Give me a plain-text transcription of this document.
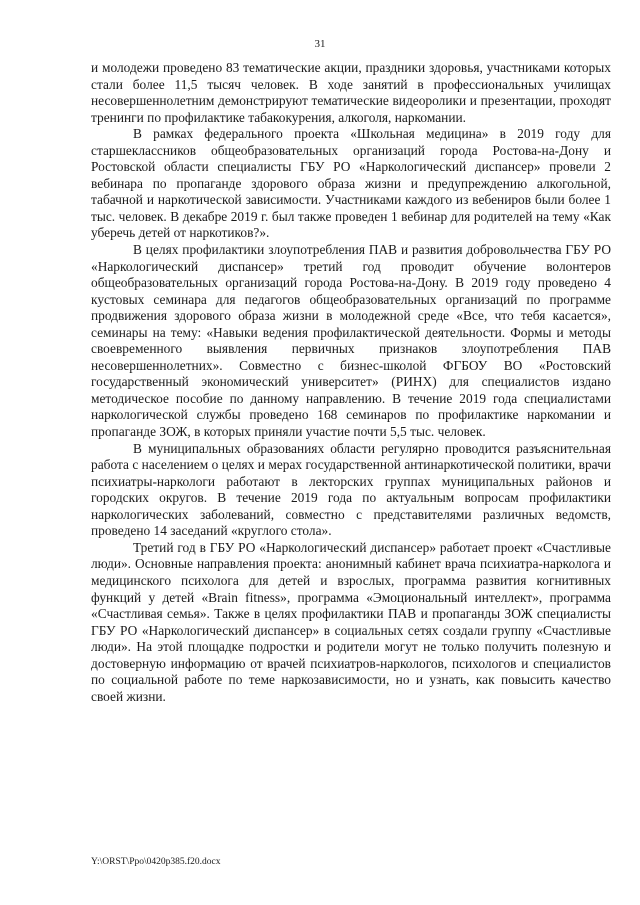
31

и молодежи проведено 83 тематические акции, праздники здоровья, участниками которых стали более 11,5 тысяч человек. В ходе занятий в профессиональных училищах несовершеннолетним демонстрируют тематические видеоролики и презентации, проходят тренинги по профилактике табакокурения, алкоголя, наркомании.

В рамках федерального проекта «Школьная медицина» в 2019 году для старшеклассников общеобразовательных организаций города Ростова-на-Дону и Ростовской области специалисты ГБУ РО «Наркологический диспансер» провели 2 вебинара по пропаганде здорового образа жизни и предупреждению алкогольной, табачной и наркотической зависимости. Участниками каждого из вебениров были более 1 тыс. человек. В декабре 2019 г. был также проведен 1 вебинар для родителей на тему «Как уберечь детей от наркотиков?».

В целях профилактики злоупотребления ПАВ и развития добровольчества ГБУ РО «Наркологический диспансер» третий год проводит обучение волонтеров общеобразовательных организаций города Ростова-на-Дону. В 2019 году проведено 4 кустовых семинара для педагогов общеобразовательных организаций по программе продвижения здорового образа жизни в молодежной среде «Все, что тебя касается», семинары на тему: «Навыки ведения профилактической деятельности. Формы и методы своевременного выявления первичных признаков злоупотребления ПАВ несовершеннолетних». Совместно с бизнес-школой ФГБОУ ВО «Ростовский государственный экономический университет» (РИНХ) для специалистов издано методическое пособие по данному направлению. В течение 2019 года специалистами наркологической службы проведено 168 семинаров по профилактике наркомании и пропаганде ЗОЖ, в которых приняли участие почти 5,5 тыс. человек.

В муниципальных образованиях области регулярно проводится разъяснительная работа с населением о целях и мерах государственной антинаркотической политики, врачи психиатры-наркологи работают в лекторских группах муниципальных районов и городских округов. В течение 2019 года по актуальным вопросам профилактики наркологических заболеваний, совместно с представителями различных ведомств, проведено 14 заседаний «круглого стола».

Третий год в ГБУ РО «Наркологический диспансер» работает проект «Счастливые люди». Основные направления проекта: анонимный кабинет врача психиатра-нарколога и медицинского психолога для детей и взрослых, программа развития когнитивных функций у детей «Brain fitness», программа «Эмоциональный интеллект», программа «Счастливая семья». Также в целях профилактики ПАВ и пропаганды ЗОЖ специалисты ГБУ РО «Наркологический диспансер» в социальных сетях создали группу «Счастливые люди». На этой площадке подростки и родители могут не только получить полезную и достоверную информацию от врачей психиатров-наркологов, психологов и специалистов по социальной работе по теме наркозависимости, но и узнать, как повысить качество своей жизни.

Y:\ORST\Ppo\0420p385.f20.docx
